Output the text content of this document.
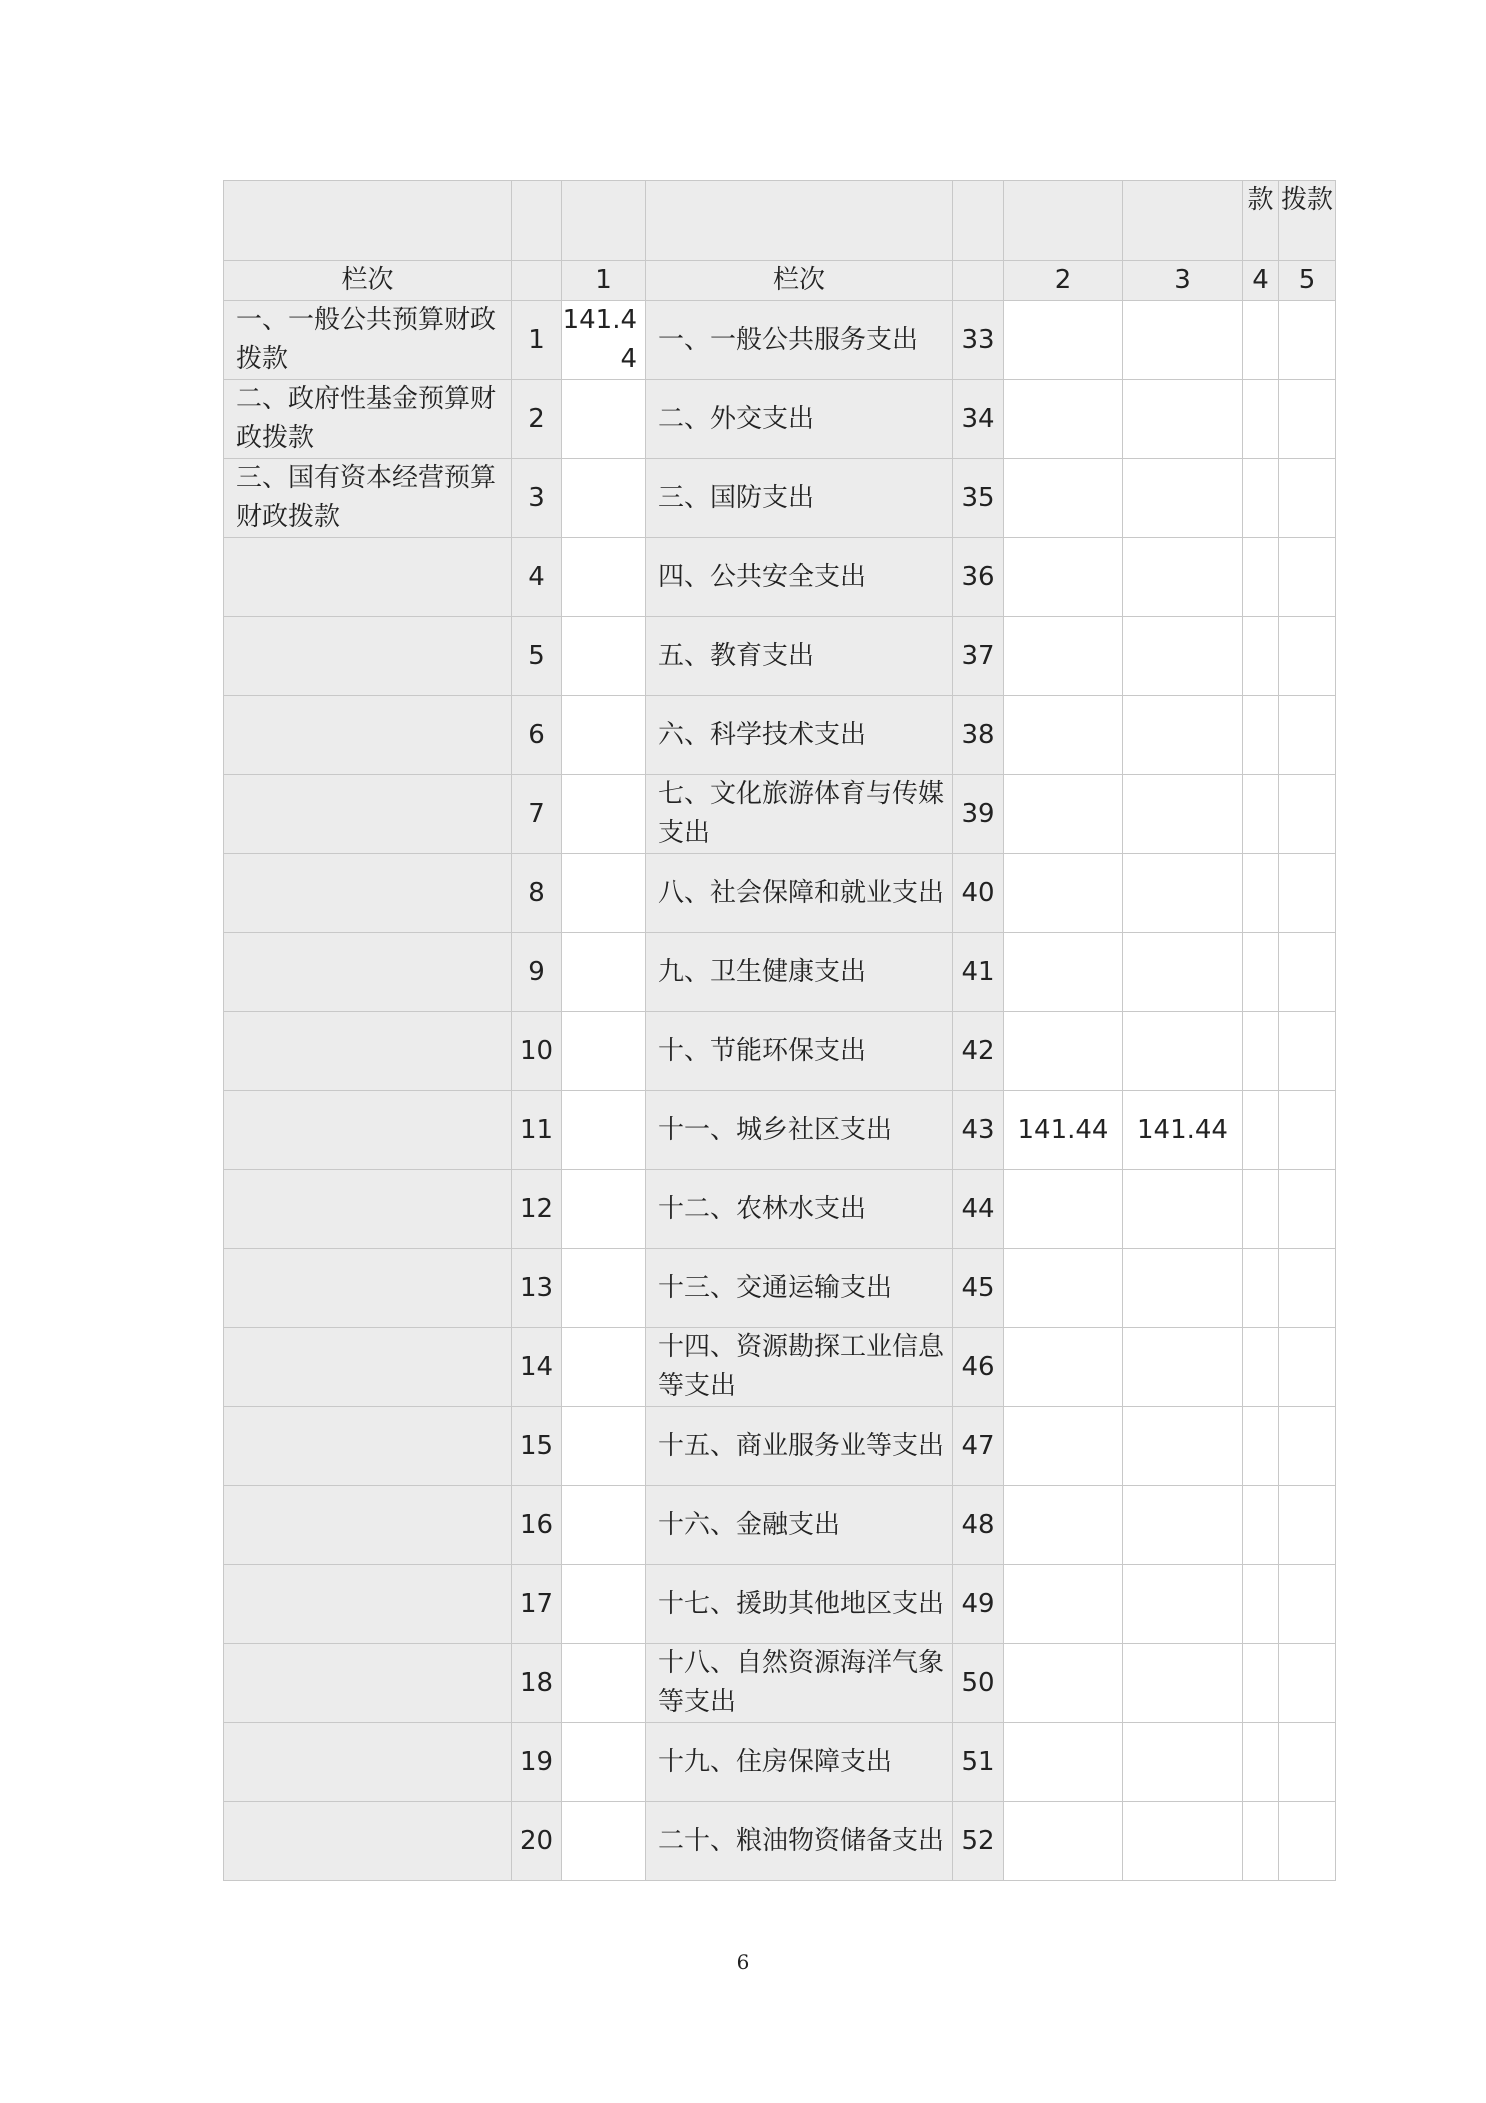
							款	拨款

栏次		1	栏次		2	3	4	5
一、一般公共预算财政拨款	1	141.44	一、一般公共服务支出	33				
二、政府性基金预算财政拨款	2		二、外交支出	34				
三、国有资本经营预算财政拨款	3		三、国防支出	35				
	4		四、公共安全支出	36				
	5		五、教育支出	37				
	6		六、科学技术支出	38				
	7		七、文化旅游体育与传媒支出	39				
	8		八、社会保障和就业支出	40				
	9		九、卫生健康支出	41				
	10		十、节能环保支出	42				
	11		十一、城乡社区支出	43	141.44	141.44		
	12		十二、农林水支出	44				
	13		十三、交通运输支出	45				
	14		十四、资源勘探工业信息等支出	46				
	15		十五、商业服务业等支出	47				
	16		十六、金融支出	48				
	17		十七、援助其他地区支出	49				
	18		十八、自然资源海洋气象等支出	50				
	19		十九、住房保障支出	51				
	20		二十、粮油物资储备支出	52				
6
